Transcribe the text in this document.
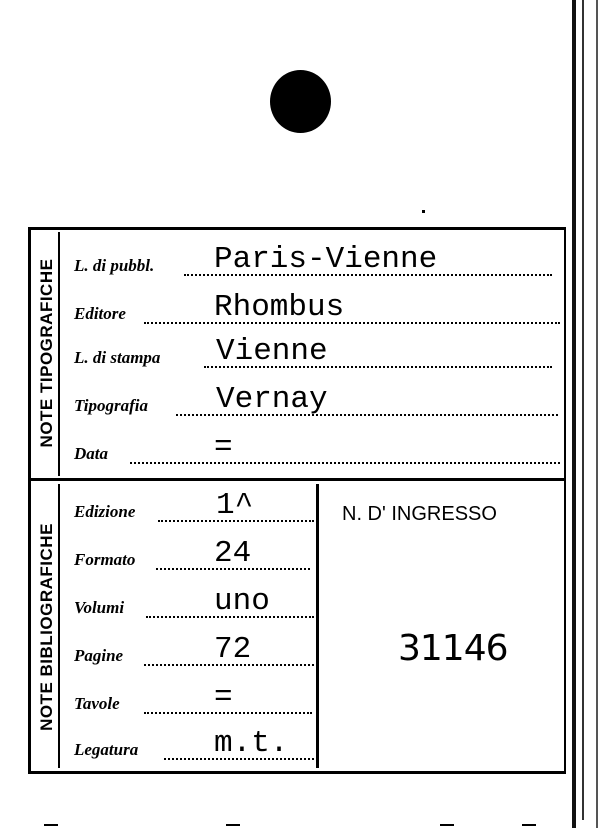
NOTE TIPOGRAFICHE
NOTE BIBLIOGRAFICHE
L. di pubbl. Paris-Vienne
Editore	Rhombus
L. di stampa Vienne
Tipografia Vernay
Data	=
Edizione	1^
Formato	24
Volumi	uno
Pagine	72
Tavole	=
Legatura m.t.
N. D' INGRESSO
31146
